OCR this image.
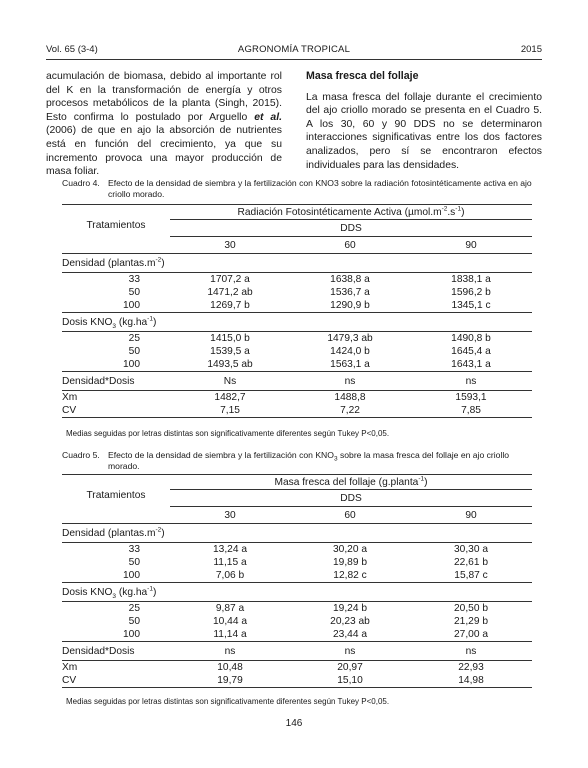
Vol. 65 (3-4)	AGRONOMÍA TROPICAL	2015

acumulación de biomasa, debido al importante rol del K en la transformación de energía y otros procesos metabólicos de la planta (Singh, 2015). Esto confirma lo postulado por Arguello et al. (2006) de que en ajo la absorción de nutrientes está en función del crecimiento, ya que su incremento provoca una mayor producción de masa foliar.

Masa fresca del follaje

La masa fresca del follaje durante el crecimiento del ajo criollo morado se presenta en el Cuadro 5. A los 30, 60 y 90 DDS no se determinaron interacciones significativas entre los dos factores analizados, pero sí se encontraron efectos individuales para las densidades.

Cuadro 4. Efecto de la densidad de siembra y la fertilización con KNO3 sobre la radiación fotosintéticamente activa en ajo criollo morado.
Tratamientos	Radiación Fotosintéticamente Activa $(\mu mol.m^{-2}.s^{-1})$		
	DDS		
	30	60	90
Densidad $(plantas.m^{-2})$			
33	1707,2 a	1638,8 a	1838,1 a
50	1471,2 ab	1536,7 a	1596,2 b
100	1269,7 b	1290,9 b	1345,1 c
Dosis $KNO_3$ $(kg.ha^{-1})$			
25	1415,0 b	1479,3 ab	1490,8 b
50	1539,5 a	1424,0 b	1645,4 a
100	1493,5 ab	1563,1 a	1643,1 a
Densidad*Dosis	Ns	ns	ns
Xm	1482,7	1488,8	1593,1
CV	7,15	7,22	7,85
Medias seguidas por letras distintas son significativamente diferentes según Tukey P<0,05.
Cuadro 5. Efecto de la densidad de siembra y la fertilización con $KNO_3$ sobre la masa fresca del follaje en ajo criollo morado.
Tratamientos	Masa fresca del follaje (g.planta$^{-1}$)		
	DDS		
	30	60	90
Densidad $(plantas.m^{-2})$			
33	13,24 a	30,20 a	30,30 a
50	11,15 a	19,89 b	22,61 b
100	7,06 b	12,82 c	15,87 c
Dosis $KNO_3$ $(kg.ha^{-1})$			
25	9,87 a	19,24 b	20,50 b
50	10,44 a	20,23 ab	21,29 b
100	11,14 a	23,44 a	27,00 a
Densidad*Dosis	ns	ns	ns
Xm	10,48	20,97	22,93
CV	19,79	15,10	14,98
Medias seguidas por letras distintas son significativamente diferentes según Tukey P<0,05.
146
